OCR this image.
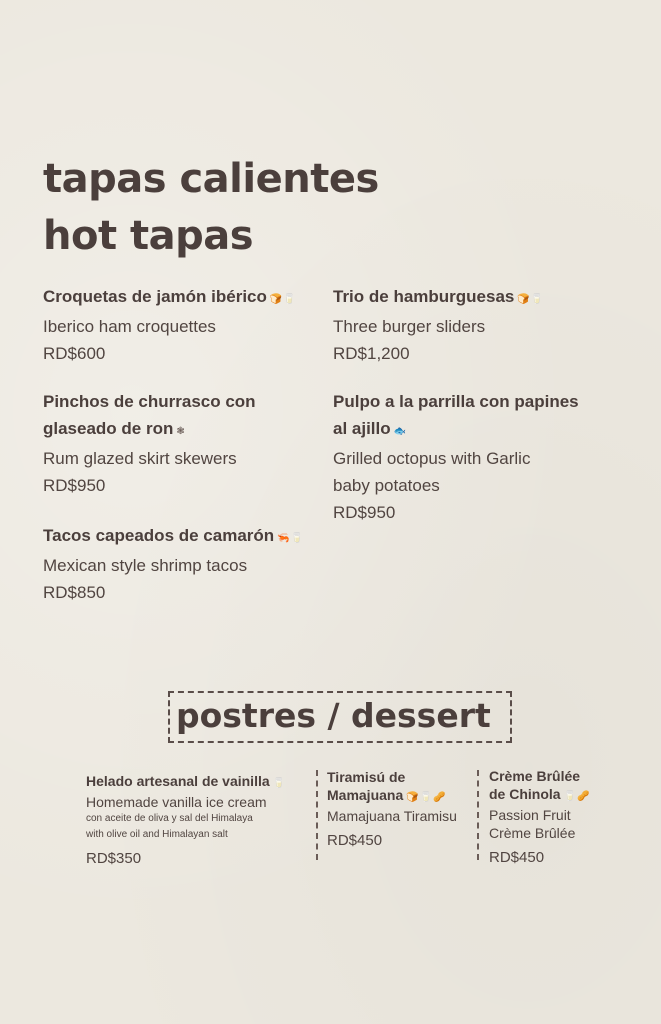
tapas calientes
hot tapas
Croquetas de jamón ibérico 🍞🥛
Iberico ham croquettes
RD$600
Trio de hamburguesas 🍞🥛
Three burger sliders
RD$1,200
Pinchos de churrasco con
glaseado de ron ❃
Rum glazed skirt skewers
RD$950
Pulpo a la parrilla con papines
al ajillo 🐟
Grilled octopus with Garlic
baby potatoes
RD$950
Tacos capeados de camarón 🦐🥛
Mexican style shrimp tacos
RD$850
postres / dessert
Helado artesanal de vainilla 🥛
Homemade vanilla ice cream
con aceite de oliva y sal del Himalaya
with olive oil and Himalayan salt
RD$350
Tiramisú de
Mamajuana 🍞🥛🥜
Mamajuana Tiramisu
RD$450
Crème Brûlée
de Chinola 🥛🥜
Passion Fruit
Crème Brûlée
RD$450
